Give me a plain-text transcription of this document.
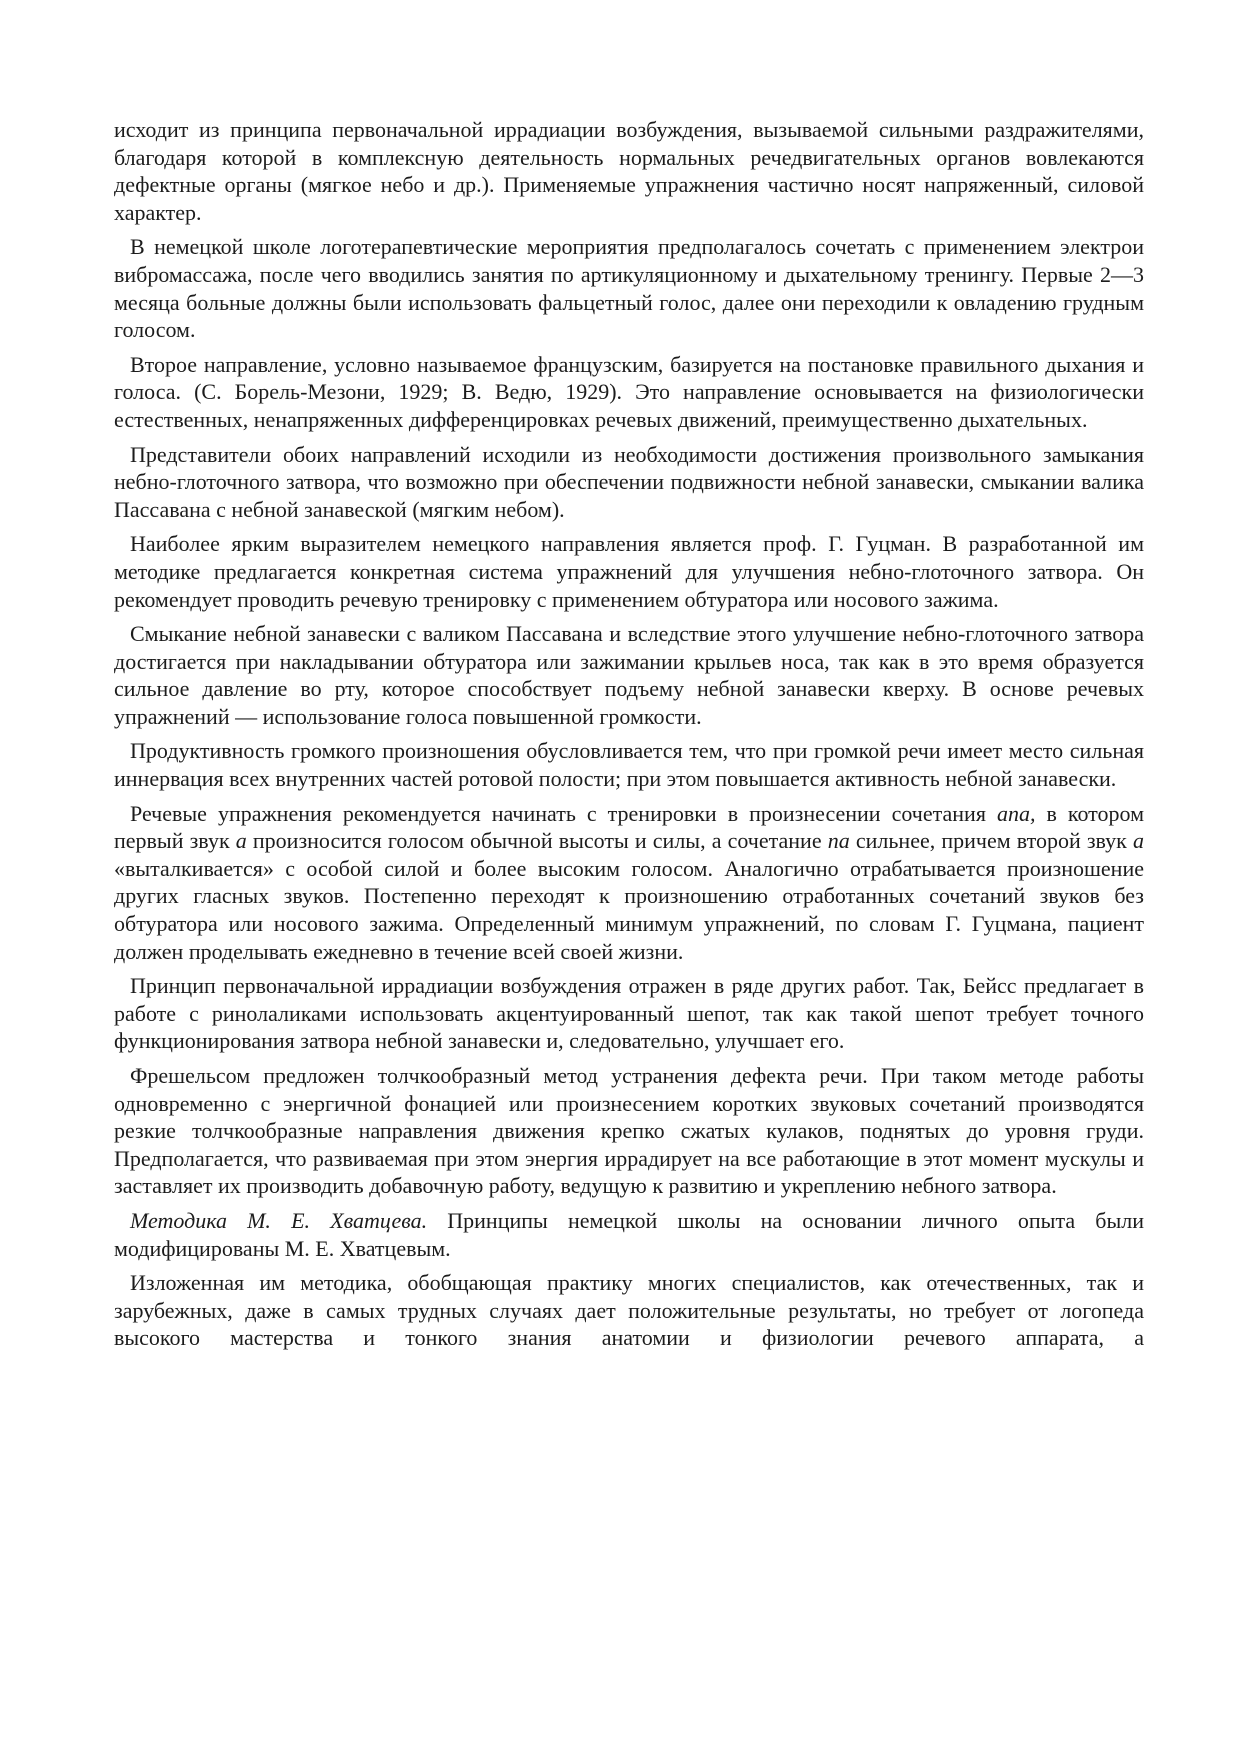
исходит из принципа первоначальной иррадиации возбуждения, вызываемой сильными раздражителями, благодаря которой в комплексную деятельность нормальных речедвигательных органов вовлекаются дефектные органы (мягкое небо и др.). Применяемые упражнения частично носят напряженный, силовой характер.

В немецкой школе логотерапевтические мероприятия предполагалось сочетать с применением электрои вибромассажа, после чего вводились занятия по артикуляционному и дыхательному тренингу. Первые 2—3 месяца больные должны были использовать фальцетный голос, далее они переходили к овладению грудным голосом.

Второе направление, условно называемое французским, базируется на постановке правильного дыхания и голоса. (С. Борель-Мезони, 1929; В. Ведю, 1929). Это направление основывается на физиологически естественных, ненапряженных дифференцировках речевых движений, преимущественно дыхательных.

Представители обоих направлений исходили из необходимости достижения произвольного замыкания небно-глоточного затвора, что возможно при обеспечении подвижности небной занавески, смыкании валика Пассавана с небной занавеской (мягким небом).

Наиболее ярким выразителем немецкого направления является проф. Г. Гуцман. В разработанной им методике предлагается конкретная система упражнений для улучшения небно-глоточного затвора. Он рекомендует проводить речевую тренировку с применением обтуратора или носового зажима.

Смыкание небной занавески с валиком Пассавана и вследствие этого улучшение небно-глоточного затвора достигается при накладывании обтуратора или зажимании крыльев носа, так как в это время образуется сильное давление во рту, которое способствует подъему небной занавески кверху. В основе речевых упражнений — использование голоса повышенной громкости.

Продуктивность громкого произношения обусловливается тем, что при громкой речи имеет место сильная иннервация всех внутренних частей ротовой полости; при этом повышается активность небной занавески.

Речевые упражнения рекомендуется начинать с тренировки в произнесении сочетания апа, в котором первый звук а произносится голосом обычной высоты и силы, а сочетание па сильнее, причем второй звук а «выталкивается» с особой силой и более высоким голосом. Аналогично отрабатывается произношение других гласных звуков. Постепенно переходят к произношению отработанных сочетаний звуков без обтуратора или носового зажима. Определенный минимум упражнений, по словам Г. Гуцмана, пациент должен проделывать ежедневно в течение всей своей жизни.

Принцип первоначальной иррадиации возбуждения отражен в ряде других работ. Так, Бейсс предлагает в работе с ринолаликами использовать акцентуированный шепот, так как такой шепот требует точного функционирования затвора небной занавески и, следовательно, улучшает его.

Фрешельсом предложен толчкообразный метод устранения дефекта речи. При таком методе работы одновременно с энергичной фонацией или произнесением коротких звуковых сочетаний производятся резкие толчкообразные направления движения крепко сжатых кулаков, поднятых до уровня груди. Предполагается, что развиваемая при этом энергия иррадирует на все работающие в этот момент мускулы и заставляет их производить добавочную работу, ведущую к развитию и укреплению небного затвора.

Методика М. Е. Хватцева. Принципы немецкой школы на основании личного опыта были модифицированы М. Е. Хватцевым.

Изложенная им методика, обобщающая практику многих специалистов, как отечественных, так и зарубежных, даже в самых трудных случаях дает положительные результаты, но требует от логопеда высокого мастерства и тонкого знания анатомии и физиологии речевого аппарата, а
